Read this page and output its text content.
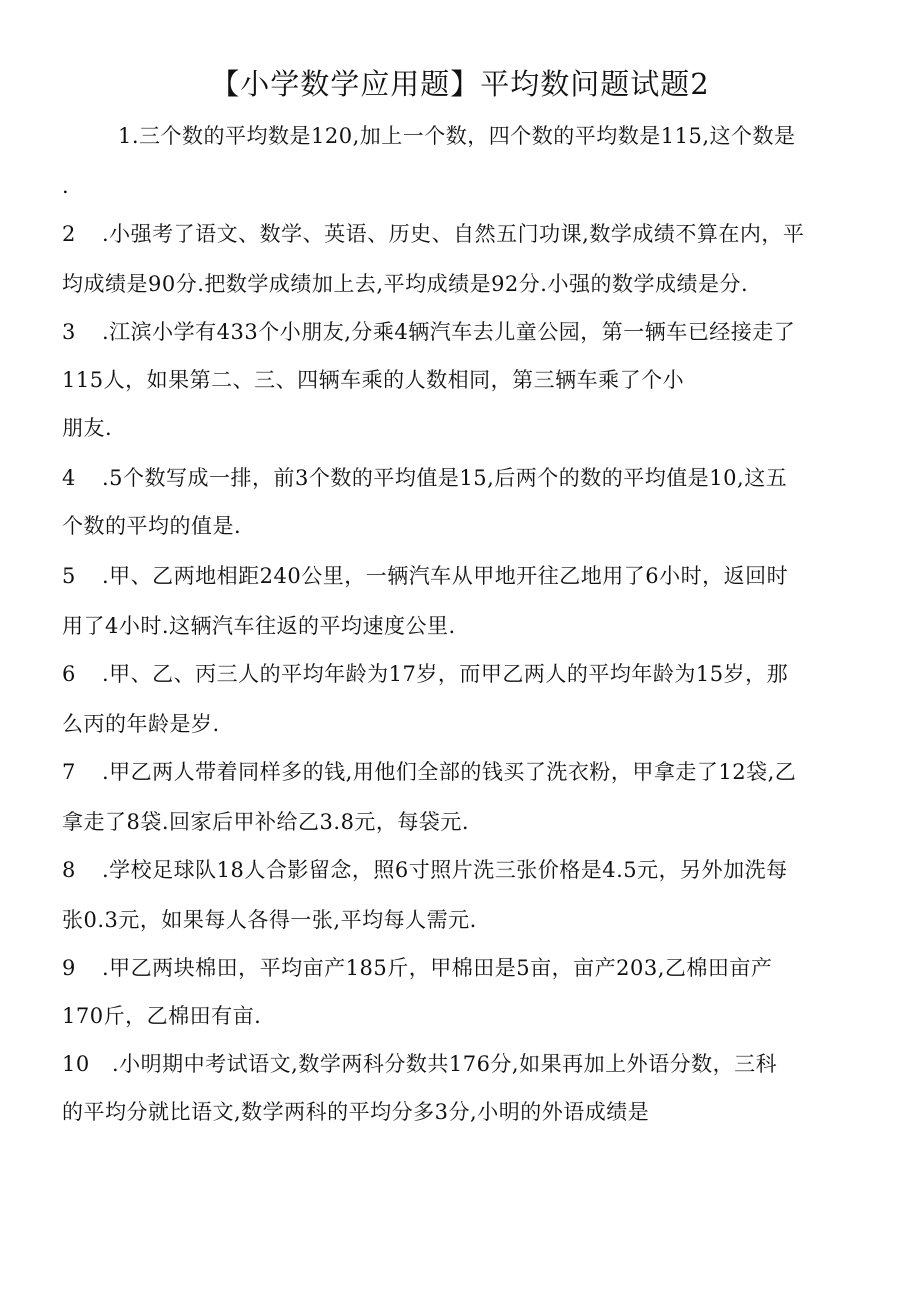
【小学数学应用题】平均数问题试题2
1.三个数的平均数是120,加上一个数，四个数的平均数是115,这个数是
.
2 .小强考了语文、数学、英语、历史、自然五门功课,数学成绩不算在内，平
均成绩是90分.把数学成绩加上去,平均成绩是92分.小强的数学成绩是分.
3 .江滨小学有433个小朋友,分乘4辆汽车去儿童公园，第一辆车已经接走了
115人，如果第二、三、四辆车乘的人数相同，第三辆车乘了个小
朋友.
4 .5个数写成一排，前3个数的平均值是15,后两个的数的平均值是10,这五
个数的平均的值是.
5 .甲、乙两地相距240公里，一辆汽车从甲地开往乙地用了6小时，返回时
用了4小时.这辆汽车往返的平均速度公里.
6 .甲、乙、丙三人的平均年龄为17岁，而甲乙两人的平均年龄为15岁，那
么丙的年龄是岁.
7 .甲乙两人带着同样多的钱,用他们全部的钱买了洗衣粉，甲拿走了12袋,乙
拿走了8袋.回家后甲补给乙3.8元，每袋元.
8 .学校足球队18人合影留念，照6寸照片洗三张价格是4.5元，另外加洗每
张0.3元，如果每人各得一张,平均每人需元.
9 .甲乙两块棉田，平均亩产185斤，甲棉田是5亩，亩产203,乙棉田亩产
170斤，乙棉田有亩.
10 .小明期中考试语文,数学两科分数共176分,如果再加上外语分数，三科
的平均分就比语文,数学两科的平均分多3分,小明的外语成绩是
